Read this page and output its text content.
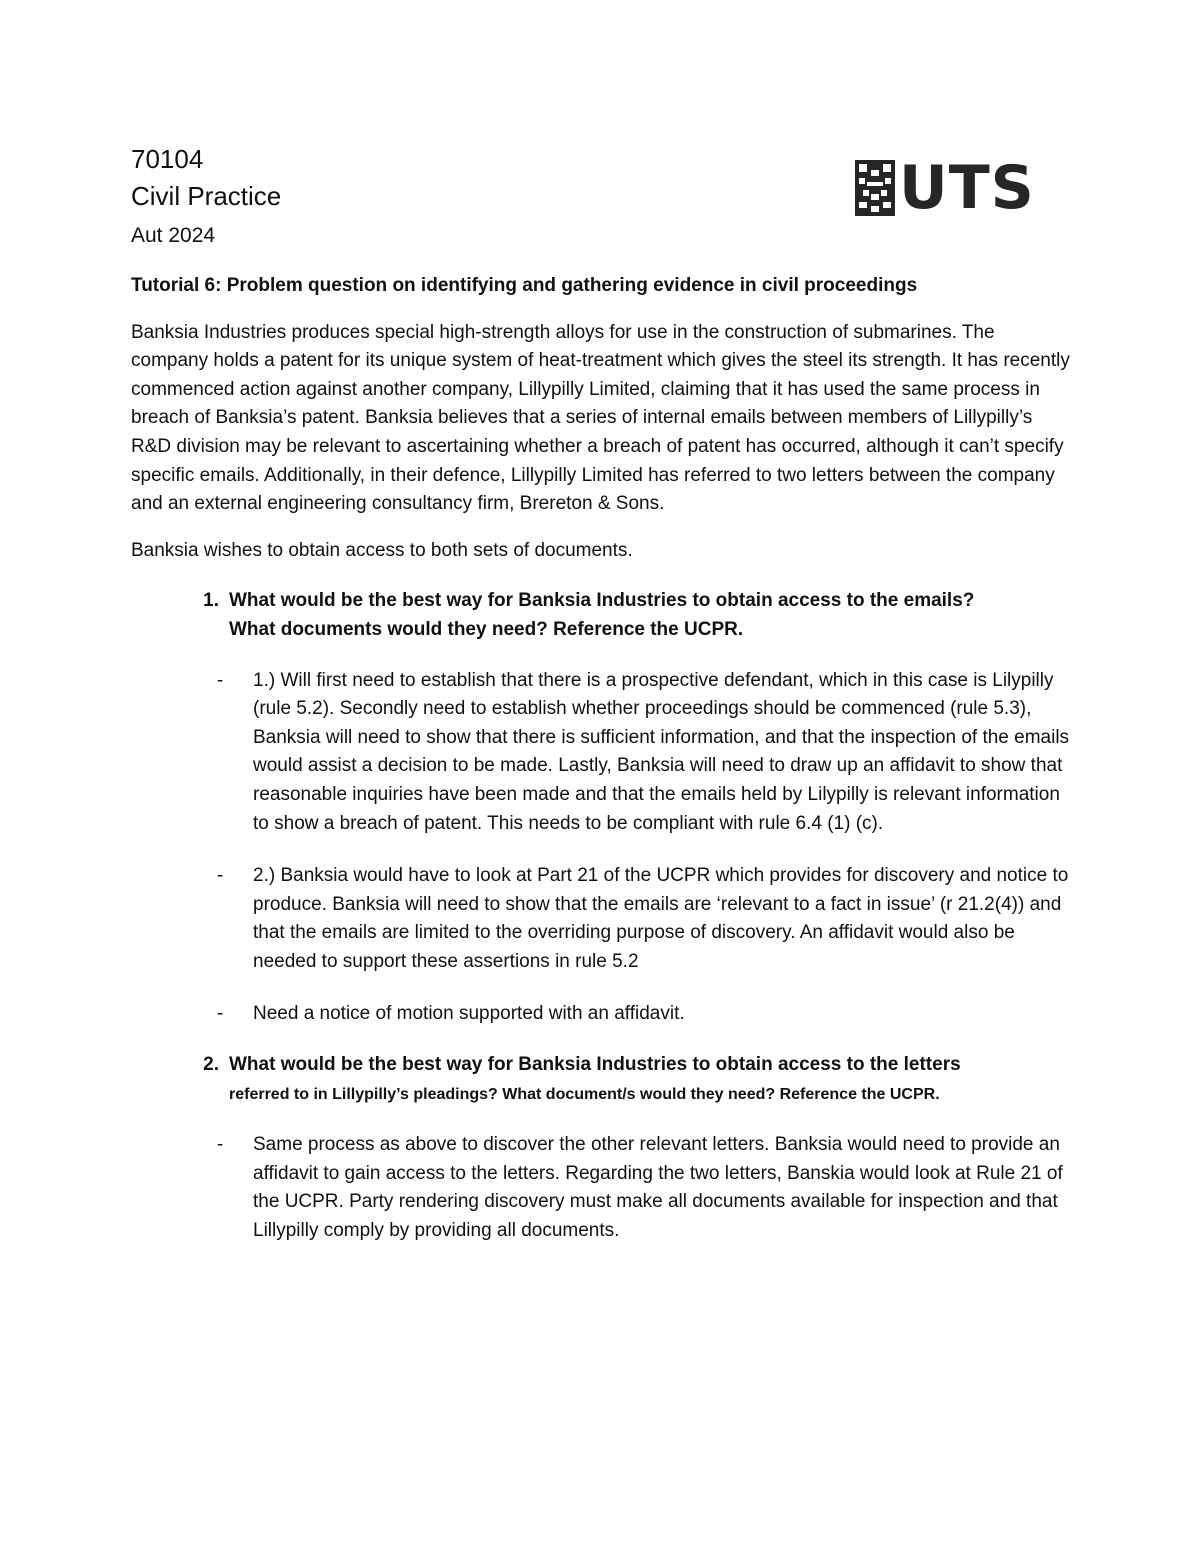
70104

Civil Practice

Aut 2024

UTS

Tutorial 6: Problem question on identifying and gathering evidence in civil proceedings

Banksia Industries produces special high-strength alloys for use in the construction of submarines. The company holds a patent for its unique system of heat-treatment which gives the steel its strength. It has recently commenced action against another company, Lillypilly Limited, claiming that it has used the same process in breach of Banksia’s patent. Banksia believes that a series of internal emails between members of Lillypilly’s R&D division may be relevant to ascertaining whether a breach of patent has occurred, although it can’t specify specific emails. Additionally, in their defence, Lillypilly Limited has referred to two letters between the company and an external engineering consultancy firm, Brereton & Sons.

Banksia wishes to obtain access to both sets of documents.

1. What would be the best way for Banksia Industries to obtain access to the emails?
What documents would they need? Reference the UCPR.
-	1.) Will first need to establish that there is a prospective defendant, which in this case is Lilypilly (rule 5.2). Secondly need to establish whether proceedings should be commenced (rule 5.3), Banksia will need to show that there is sufficient information, and that the inspection of the emails would assist a decision to be made. Lastly, Banksia will need to draw up an affidavit to show that reasonable inquiries have been made and that the emails held by Lilypilly is relevant information to show a breach of patent. This needs to be compliant with rule 6.4 (1) (c).
-	2.) Banksia would have to look at Part 21 of the UCPR which provides for discovery and notice to produce. Banksia will need to show that the emails are ‘relevant to a fact in issue’ (r 21.2(4)) and that the emails are limited to the overriding purpose of discovery. An affidavit would also be needed to support these assertions in rule 5.2
-	Need a notice of motion supported with an affidavit.
2. What would be the best way for Banksia Industries to obtain access to the letters
referred to in Lillypilly’s pleadings? What document/s would they need? Reference the UCPR.
-	Same process as above to discover the other relevant letters. Banksia would need to provide an affidavit to gain access to the letters. Regarding the two letters, Banskia would look at Rule 21 of the UCPR. Party rendering discovery must make all documents available for inspection and that Lillypilly comply by providing all documents.
